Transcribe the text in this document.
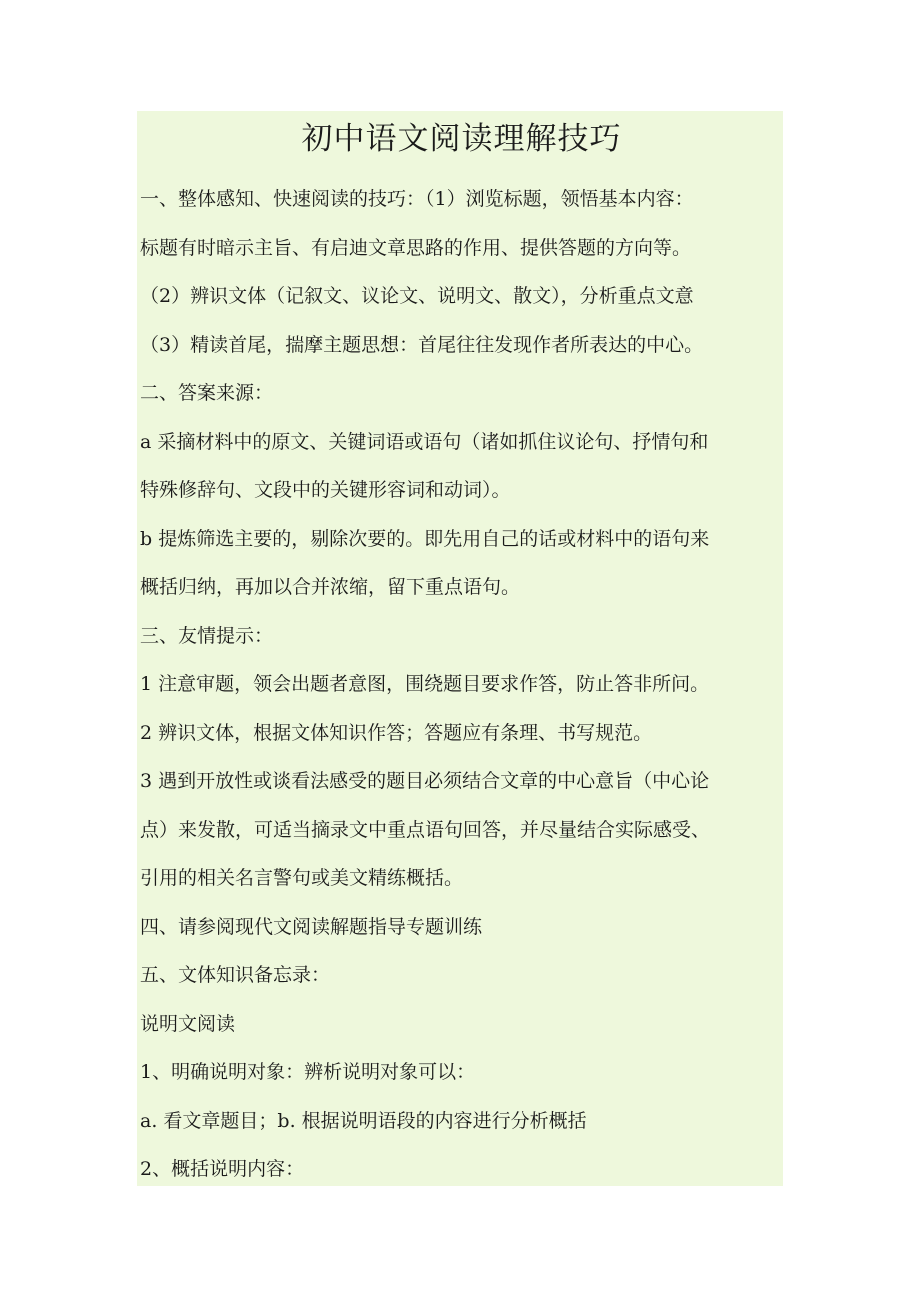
初中语文阅读理解技巧
一、整体感知、快速阅读的技巧：（1）浏览标题，领悟基本内容：
标题有时暗示主旨、有启迪文章思路的作用、提供答题的方向等。
（2）辨识文体（记叙文、议论文、说明文、散文），分析重点文意
（3）精读首尾，揣摩主题思想：首尾往往发现作者所表达的中心。
二、答案来源：
a 采摘材料中的原文、关键词语或语句（诸如抓住议论句、抒情句和
特殊修辞句、文段中的关键形容词和动词）。
b 提炼筛选主要的，剔除次要的。即先用自己的话或材料中的语句来
概括归纳，再加以合并浓缩，留下重点语句。
三、友情提示：
1 注意审题，领会出题者意图，围绕题目要求作答，防止答非所问。
2 辨识文体，根据文体知识作答；答题应有条理、书写规范。
3 遇到开放性或谈看法感受的题目必须结合文章的中心意旨（中心论
点）来发散，可适当摘录文中重点语句回答，并尽量结合实际感受、
引用的相关名言警句或美文精练概括。
四、请参阅现代文阅读解题指导专题训练
五、文体知识备忘录：
说明文阅读
1、明确说明对象：辨析说明对象可以：
a. 看文章题目；b. 根据说明语段的内容进行分析概括
2、概括说明内容：
